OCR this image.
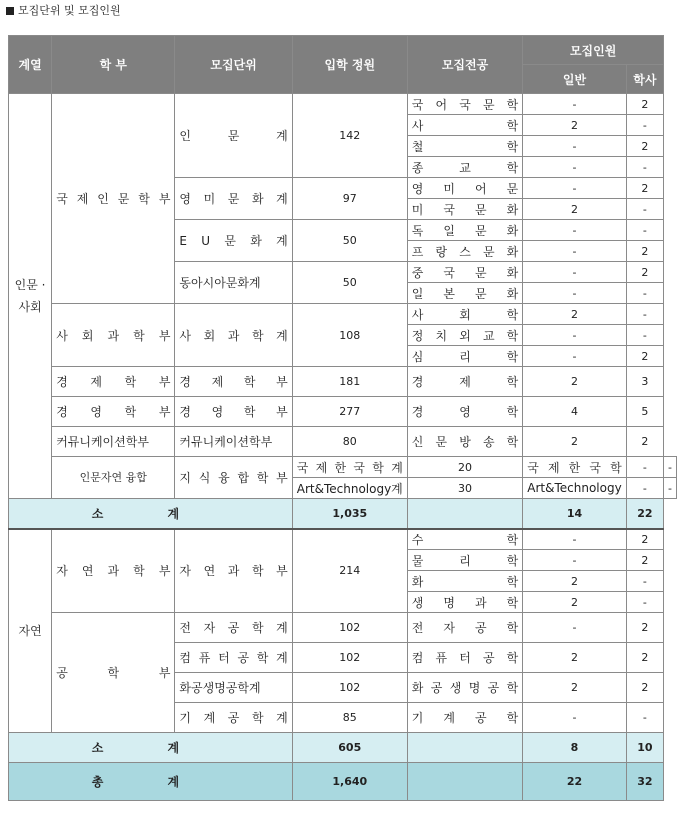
모집단위 및 모집인원
계열	학 부	모집단위	입학 정원	모집전공	모집인원		
					일반	학사	
인문 · 사회	국 제 인 문 학 부	인 문 계	142	국 어 국 문 학	-	2	
				사 학	2	-	
				철 학	-	2	
				종 교 학	-	-	
		영 미 문 화 계	97	영 미 어 문	-	2	
				미 국 문 화	2	-	
		E U 문 화 계	50	독 일 문 화	-	-	
				프 랑 스 문 화	-	2	
		동아시아문화계	50	중 국 문 화	-	2	
				일 본 문 화	-	-	
	사 회 과 학 부	사 회 과 학 계	108	사 회 학	2	-	
				정 치 외 교 학	-	-	
				심 리 학	-	2	
	경 제 학 부	경 제 학 부	181	경 제 학	2	3	
	경 영 학 부	경 영 학 부	277	경 영 학	4	5	
	커뮤니케이션학부	커뮤니케이션학부	80	신 문 방 송 학	2	2	
	인문자연 융합	지 식 융 합 학 부	국 제 한 국 학 계	20	국 제 한 국 학	-	-
			Art&Technology계	30	Art&Technology	-	-
소 계			1,035		14	22	
자연	자 연 과 학 부	자 연 과 학 부	214	수 학	-	2	
				물 리 학	-	2	
				화 학	2	-	
				생 명 과 학	2	-	
	공 학 부	전 자 공 학 계	102	전 자 공 학	-	2	
		컴 퓨 터 공 학 계	102	컴 퓨 터 공 학	2	2	
		화공생명공학계	102	화 공 생 명 공 학	2	2	
		기 계 공 학 계	85	기 계 공 학	-	-	
소 계			605		8	10	
총 계			1,640		22	32	
